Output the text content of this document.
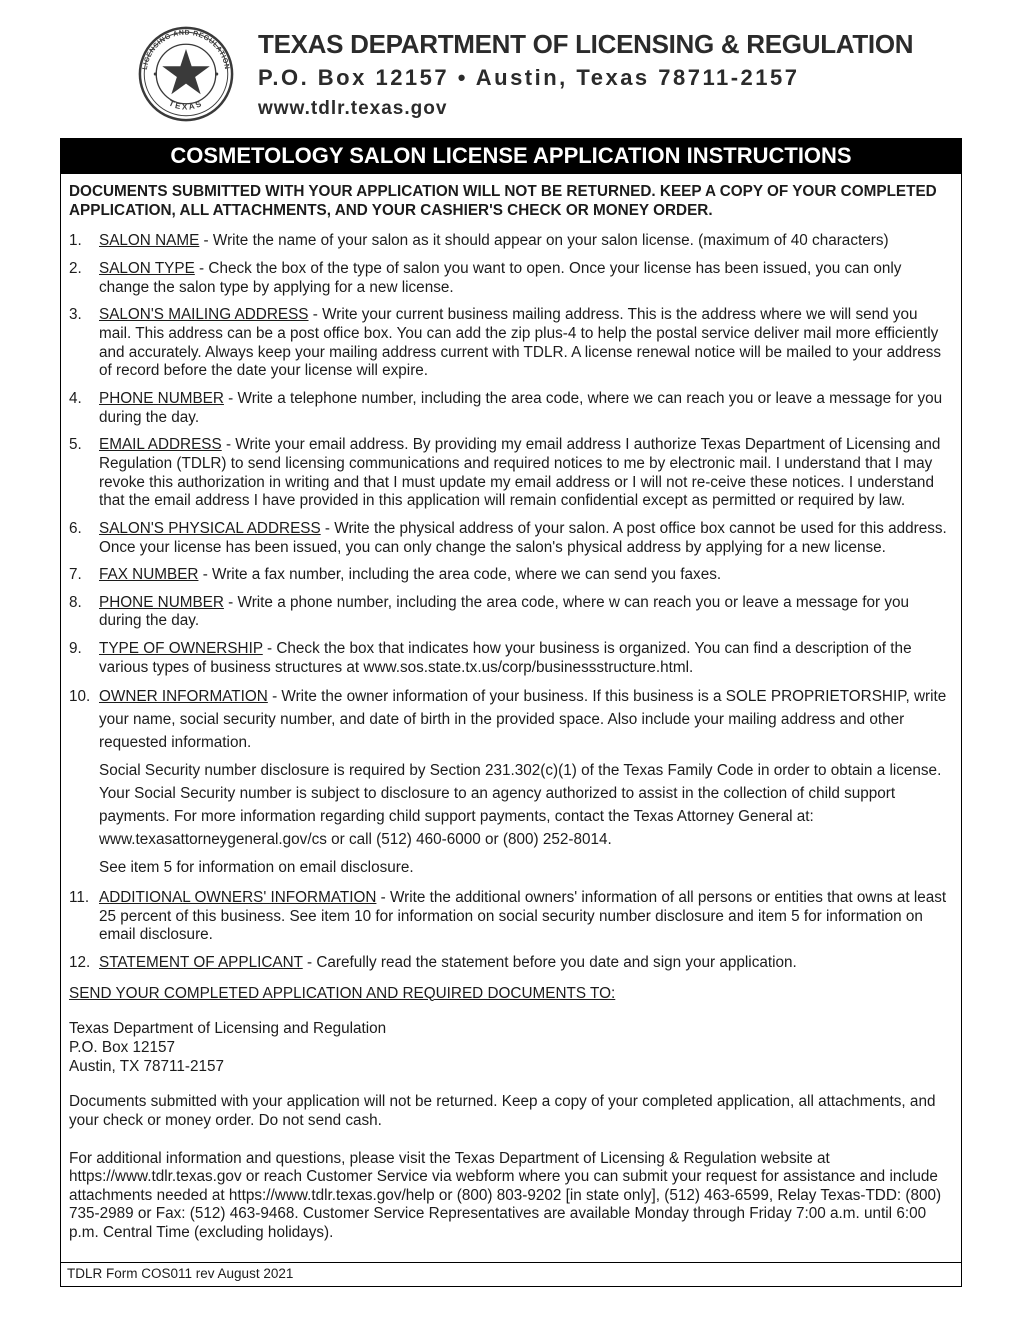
LICENSING AND REGULATION
TEXAS
TEXAS DEPARTMENT OF LICENSING & REGULATION
P.O. Box 12157 • Austin, Texas 78711-2157
www.tdlr.texas.gov
COSMETOLOGY SALON LICENSE APPLICATION INSTRUCTIONS

DOCUMENTS SUBMITTED WITH YOUR APPLICATION WILL NOT BE RETURNED. KEEP A COPY OF YOUR COMPLETED APPLICATION, ALL ATTACHMENTS, AND YOUR CASHIER'S CHECK OR MONEY ORDER.

1.	SALON NAME - Write the name of your salon as it should appear on your salon license. (maximum of 40 characters)
2.	SALON TYPE - Check the box of the type of salon you want to open. Once your license has been issued, you can only change the salon type by applying for a new license.
3.	SALON'S MAILING ADDRESS - Write your current business mailing address. This is the address where we will send you mail. This address can be a post office box. You can add the zip plus-4 to help the postal service deliver mail more efficiently and accurately. Always keep your mailing address current with TDLR. A license renewal notice will be mailed to your address of record before the date your license will expire.
4.	PHONE NUMBER - Write a telephone number, including the area code, where we can reach you or leave a message for you during the day.
5.	EMAIL ADDRESS - Write your email address. By providing my email address I authorize Texas Department of Licensing and Regulation (TDLR) to send licensing communications and required notices to me by electronic mail. I understand that I may revoke this authorization in writing and that I must update my email address or I will not re-ceive these notices. I understand that the email address I have provided in this application will remain confidential except as permitted or required by law.
6.	SALON'S PHYSICAL ADDRESS - Write the physical address of your salon. A post office box cannot be used for this address. Once your license has been issued, you can only change the salon's physical address by applying for a new license.
7.	FAX NUMBER - Write a fax number, including the area code, where we can send you faxes.
8.	PHONE NUMBER - Write a phone number, including the area code, where w can reach you or leave a message for you during the day.
9.	TYPE OF OWNERSHIP - Check the box that indicates how your business is organized. You can find a description of the various types of business structures at www.sos.state.tx.us/corp/businessstructure.html.
10. OWNER INFORMATION - Write the owner information of your business. If this business is a SOLE PROPRIETORSHIP, write your name, social security number, and date of birth in the provided space. Also include your mailing address and other requested information.
Social Security number disclosure is required by Section 231.302(c)(1) of the Texas Family Code in order to obtain a license. Your Social Security number is subject to disclosure to an agency authorized to assist in the collection of child support payments. For more information regarding child support payments, contact the Texas Attorney General at: www.texasattorneygeneral.gov/cs or call (512) 460-6000 or (800) 252-8014.
See item 5 for information on email disclosure.
11. ADDITIONAL OWNERS' INFORMATION - Write the additional owners' information of all persons or entities that owns at least 25 percent of this business. See item 10 for information on social security number disclosure and item 5 for information on email disclosure.
12. STATEMENT OF APPLICANT - Carefully read the statement before you date and sign your application.

SEND YOUR COMPLETED APPLICATION AND REQUIRED DOCUMENTS TO:

Texas Department of Licensing and Regulation
P.O. Box 12157
Austin, TX 78711-2157

Documents submitted with your application will not be returned. Keep a copy of your completed application, all attachments, and your check or money order. Do not send cash.

For additional information and questions, please visit the Texas Department of Licensing & Regulation website at https://www.tdlr.texas.gov or reach Customer Service via webform where you can submit your request for assistance and include attachments needed at https://www.tdlr.texas.gov/help or (800) 803-9202 [in state only], (512) 463-6599, Relay Texas-TDD: (800) 735-2989 or Fax: (512) 463-9468. Customer Service Representatives are available Monday through Friday 7:00 a.m. until 6:00 p.m. Central Time (excluding holidays).

TDLR Form COS011 rev August 2021
